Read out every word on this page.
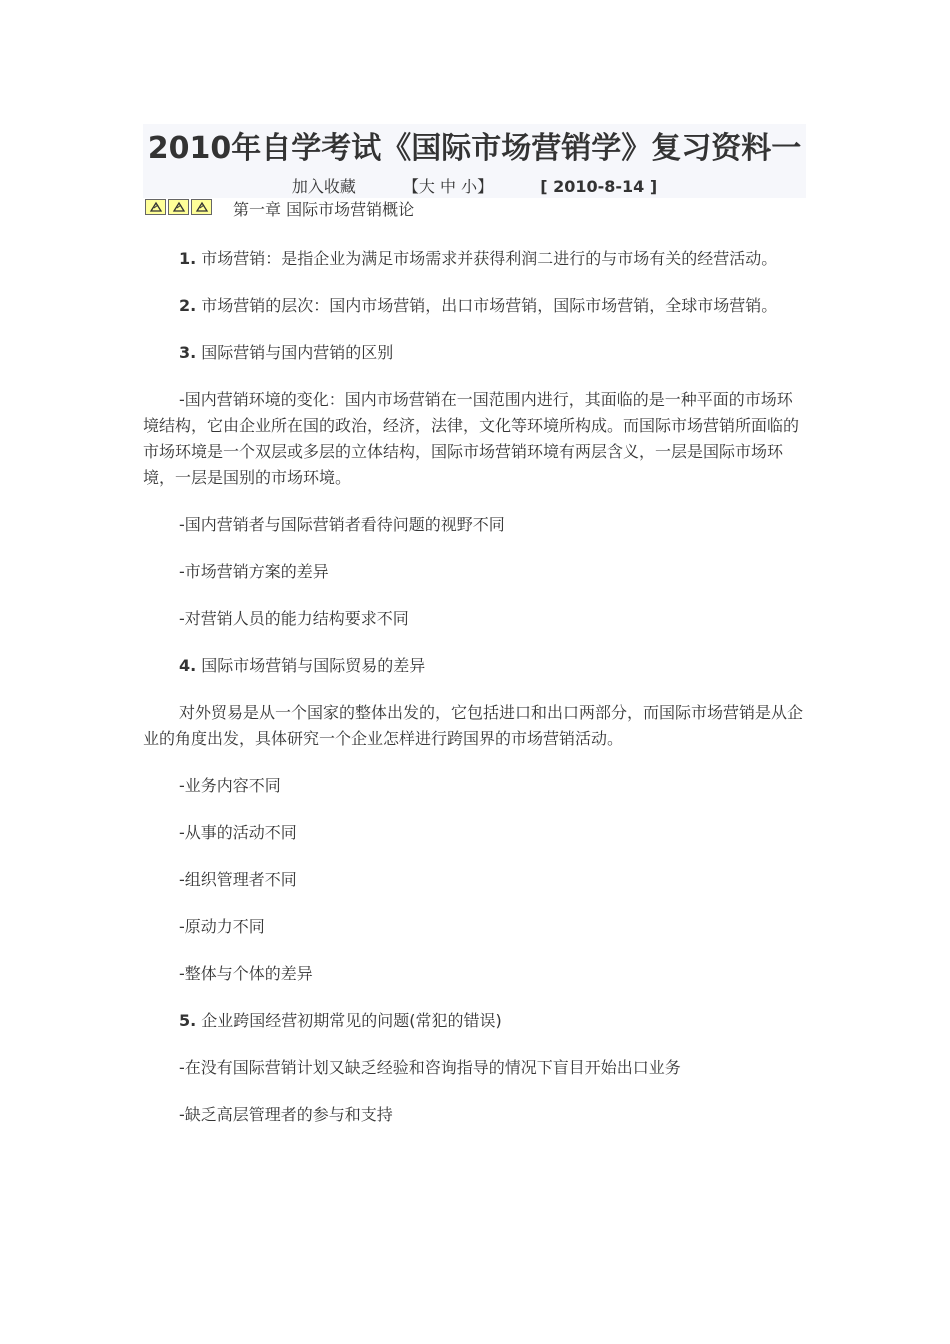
2010年自学考试《国际市场营销学》复习资料一
加入收藏	【大 中 小】	[ 2010-8-14 ]
第一章 国际市场营销概论

1. 市场营销：是指企业为满足市场需求并获得利润二进行的与市场有关的经营活动。

2. 市场营销的层次：国内市场营销，出口市场营销，国际市场营销，全球市场营销。

3. 国际营销与国内营销的区别

-国内营销环境的变化：国内市场营销在一国范围内进行，其面临的是一种平面的市场环境结构，它由企业所在国的政治，经济，法律，文化等环境所构成。而国际市场营销所面临的市场环境是一个双层或多层的立体结构，国际市场营销环境有两层含义，一层是国际市场环境，一层是国别的市场环境。

-国内营销者与国际营销者看待问题的视野不同

-市场营销方案的差异

-对营销人员的能力结构要求不同

4. 国际市场营销与国际贸易的差异

对外贸易是从一个国家的整体出发的，它包括进口和出口两部分，而国际市场营销是从企业的角度出发，具体研究一个企业怎样进行跨国界的市场营销活动。

-业务内容不同

-从事的活动不同

-组织管理者不同

-原动力不同

-整体与个体的差异

5. 企业跨国经营初期常见的问题(常犯的错误)

-在没有国际营销计划又缺乏经验和咨询指导的情况下盲目开始出口业务

-缺乏高层管理者的参与和支持
